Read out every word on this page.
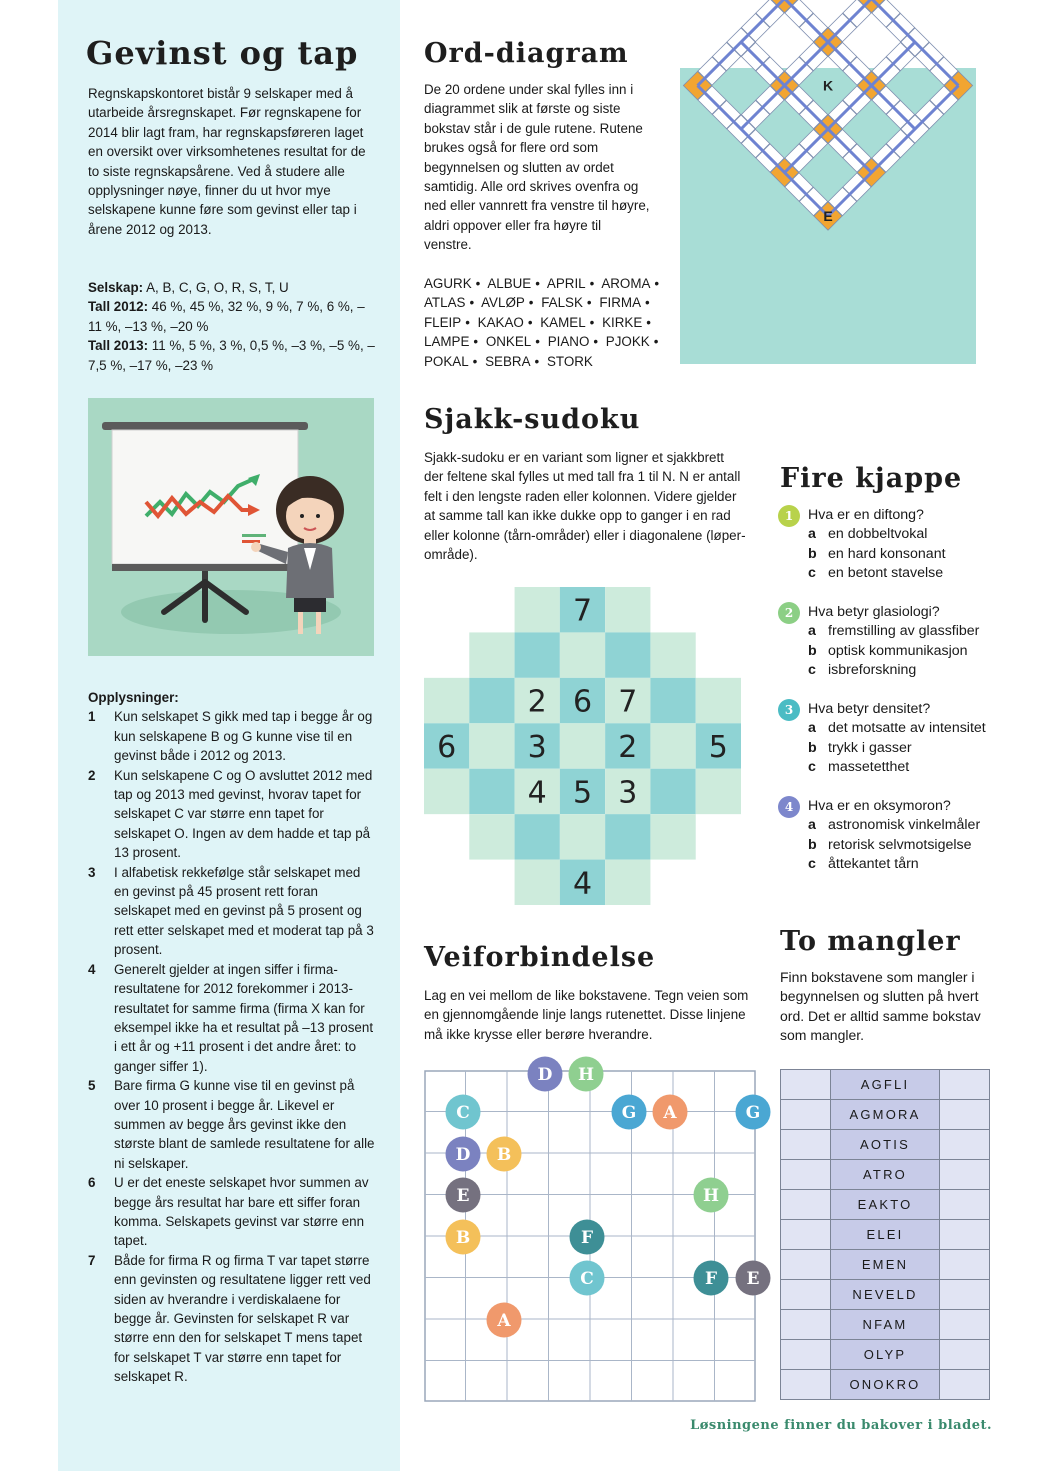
Gevinst og tap
Regnskapskontoret bistår 9 selskaper med å utarbeide årsregnskapet. Før regnskapene for 2014 blir lagt fram, har regnskapsføreren laget en oversikt over virksomhetenes resultat for de to siste regnskapsårene. Ved å studere alle opplysninger nøye, finner du ut hvor mye selskapene kunne føre som gevinst eller tap i årene 2012 og 2013.
Selskap: A, B, C, G, O, R, S, T, U
Tall 2012: 46 %, 45 %, 32 %, 9 %, 7 %, 6 %, –11 %, –13 %, –20 %
Tall 2013: 11 %, 5 %, 3 %, 0,5 %, –3 %, –5 %, –7,5 %, –17 %, –23 %
Opplysninger:
1 Kun selskapet S gikk med tap i begge år og kun selskapene B og G kunne vise til en gevinst både i 2012 og 2013.
2 Kun selskapene C og O avsluttet 2012 med tap og 2013 med gevinst, hvorav tapet for selskapet C var større enn tapet for selskapet O. Ingen av dem hadde et tap på 13 prosent.
3 I alfabetisk rekkefølge står selskapet med en gevinst på 45 prosent rett foran selskapet med en gevinst på 5 prosent og rett etter selskapet med et moderat tap på 3 prosent.
4 Generelt gjelder at ingen siffer i firma-resultatene for 2012 forekommer i 2013-resultatet for samme firma (firma X kan for eksempel ikke ha et resultat på –13 prosent i ett år og +11 prosent i det andre året: to ganger siffer 1).
5 Bare firma G kunne vise til en gevinst på over 10 prosent i begge år. Likevel er summen av begge års gevinst ikke den største blant de samlede resultatene for alle ni selskaper.
6 U er det eneste selskapet hvor summen av begge års resultat har bare ett siffer foran komma. Selskapets gevinst var større enn tapet.
7 Både for firma R og firma T var tapet større enn gevinsten og resultatene ligger rett ved siden av hverandre i verdiskalaene for begge år. Gevinsten for selskapet R var større enn den for selskapet T mens tapet for selskapet T var større enn tapet for selskapet R.
Ord-diagram
De 20 ordene under skal fylles inn i diagrammet slik at første og siste bokstav står i de gule rutene. Rutene brukes også for flere ord som begynnelsen og slutten av ordet samtidig. Alle ord skrives ovenfra og ned eller vannrett fra venstre til høyre, aldri oppover eller fra høyre til venstre.
AGURK • ALBUE • APRIL • AROMA • ATLAS • AVLØP • FALSK • FIRMA • FLEIP • KAKAO • KAMEL • KIRKE • LAMPE • ONKEL • PIANO • PJOKK • POKAL • SEBRA • STORK
E
K
Sjakk-sudoku
Sjakk-sudoku er en variant som ligner et sjakkbrett der feltene skal fylles ut med tall fra 1 til N. N er antall felt i den lengste raden eller kolonnen. Videre gjelder at samme tall kan ikke dukke opp to ganger i en rad eller kolonne (tårn-områder) eller i diagonalene (løper-område).
7
2 6 7
6 3 2 5
4 5 3
4
Fire kjappe
1	Hva er en diftong?
a en dobbeltvokal
b en hard konsonant
c en betont stavelse
2	Hva betyr glasiologi?
a fremstilling av glassfiber
b optisk kommunikasjon
c isbreforskning
3	Hva betyr densitet?
a det motsatte av intensitet
b trykk i gasser
c massetetthet
4	Hva er en oksymoron?
a astronomisk vinkelmåler
b retorisk selvmotsigelse
c åttekantet tårn
Veiforbindelse
Lag en vei mellom de like bokstavene. Tegn veien som en gjennomgående linje langs rutenettet. Disse linjene må ikke krysse eller berøre hverandre.
D H
C	G A	G
D B
E	H
B	F
C	F E
A
To mangler
Finn bokstavene som mangler i begynnelsen og slutten på hvert ord. Det er alltid samme bokstav som mangler.
	AGFLI	
	AGMORA	
	AOTIS	
	ATRO	
	EAKTO	
	ELEI	
	EMEN	
	NEVELD	
	NFAM	
	OLYP	
	ONOKRO	
Løsningene finner du bakover i bladet.
